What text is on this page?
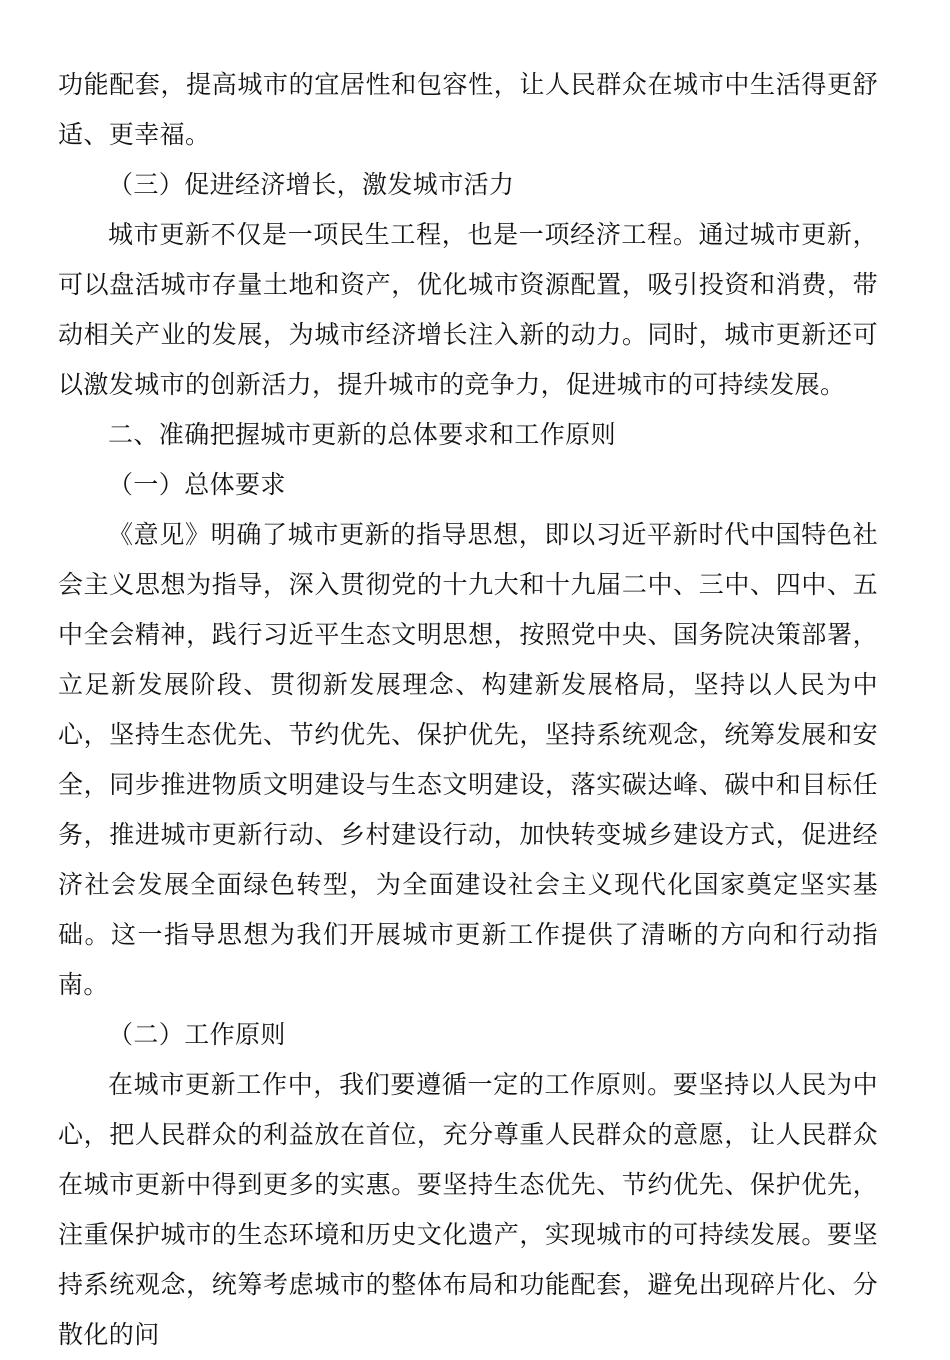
功能配套，提高城市的宜居性和包容性，让人民群众在城市中生活得更舒适、更幸福。

（三）促进经济增长，激发城市活力

城市更新不仅是一项民生工程，也是一项经济工程。通过城市更新，可以盘活城市存量土地和资产，优化城市资源配置，吸引投资和消费，带动相关产业的发展，为城市经济增长注入新的动力。同时，城市更新还可以激发城市的创新活力，提升城市的竞争力，促进城市的可持续发展。

二、准确把握城市更新的总体要求和工作原则

（一）总体要求

《意见》明确了城市更新的指导思想，即以习近平新时代中国特色社会主义思想为指导，深入贯彻党的十九大和十九届二中、三中、四中、五中全会精神，践行习近平生态文明思想，按照党中央、国务院决策部署，立足新发展阶段、贯彻新发展理念、构建新发展格局，坚持以人民为中心，坚持生态优先、节约优先、保护优先，坚持系统观念，统筹发展和安全，同步推进物质文明建设与生态文明建设，落实碳达峰、碳中和目标任务，推进城市更新行动、乡村建设行动，加快转变城乡建设方式，促进经济社会发展全面绿色转型，为全面建设社会主义现代化国家奠定坚实基础。这一指导思想为我们开展城市更新工作提供了清晰的方向和行动指南。

（二）工作原则

在城市更新工作中，我们要遵循一定的工作原则。要坚持以人民为中心，把人民群众的利益放在首位，充分尊重人民群众的意愿，让人民群众在城市更新中得到更多的实惠。要坚持生态优先、节约优先、保护优先，注重保护城市的生态环境和历史文化遗产，实现城市的可持续发展。要坚持系统观念，统筹考虑城市的整体布局和功能配套，避免出现碎片化、分散化的问
